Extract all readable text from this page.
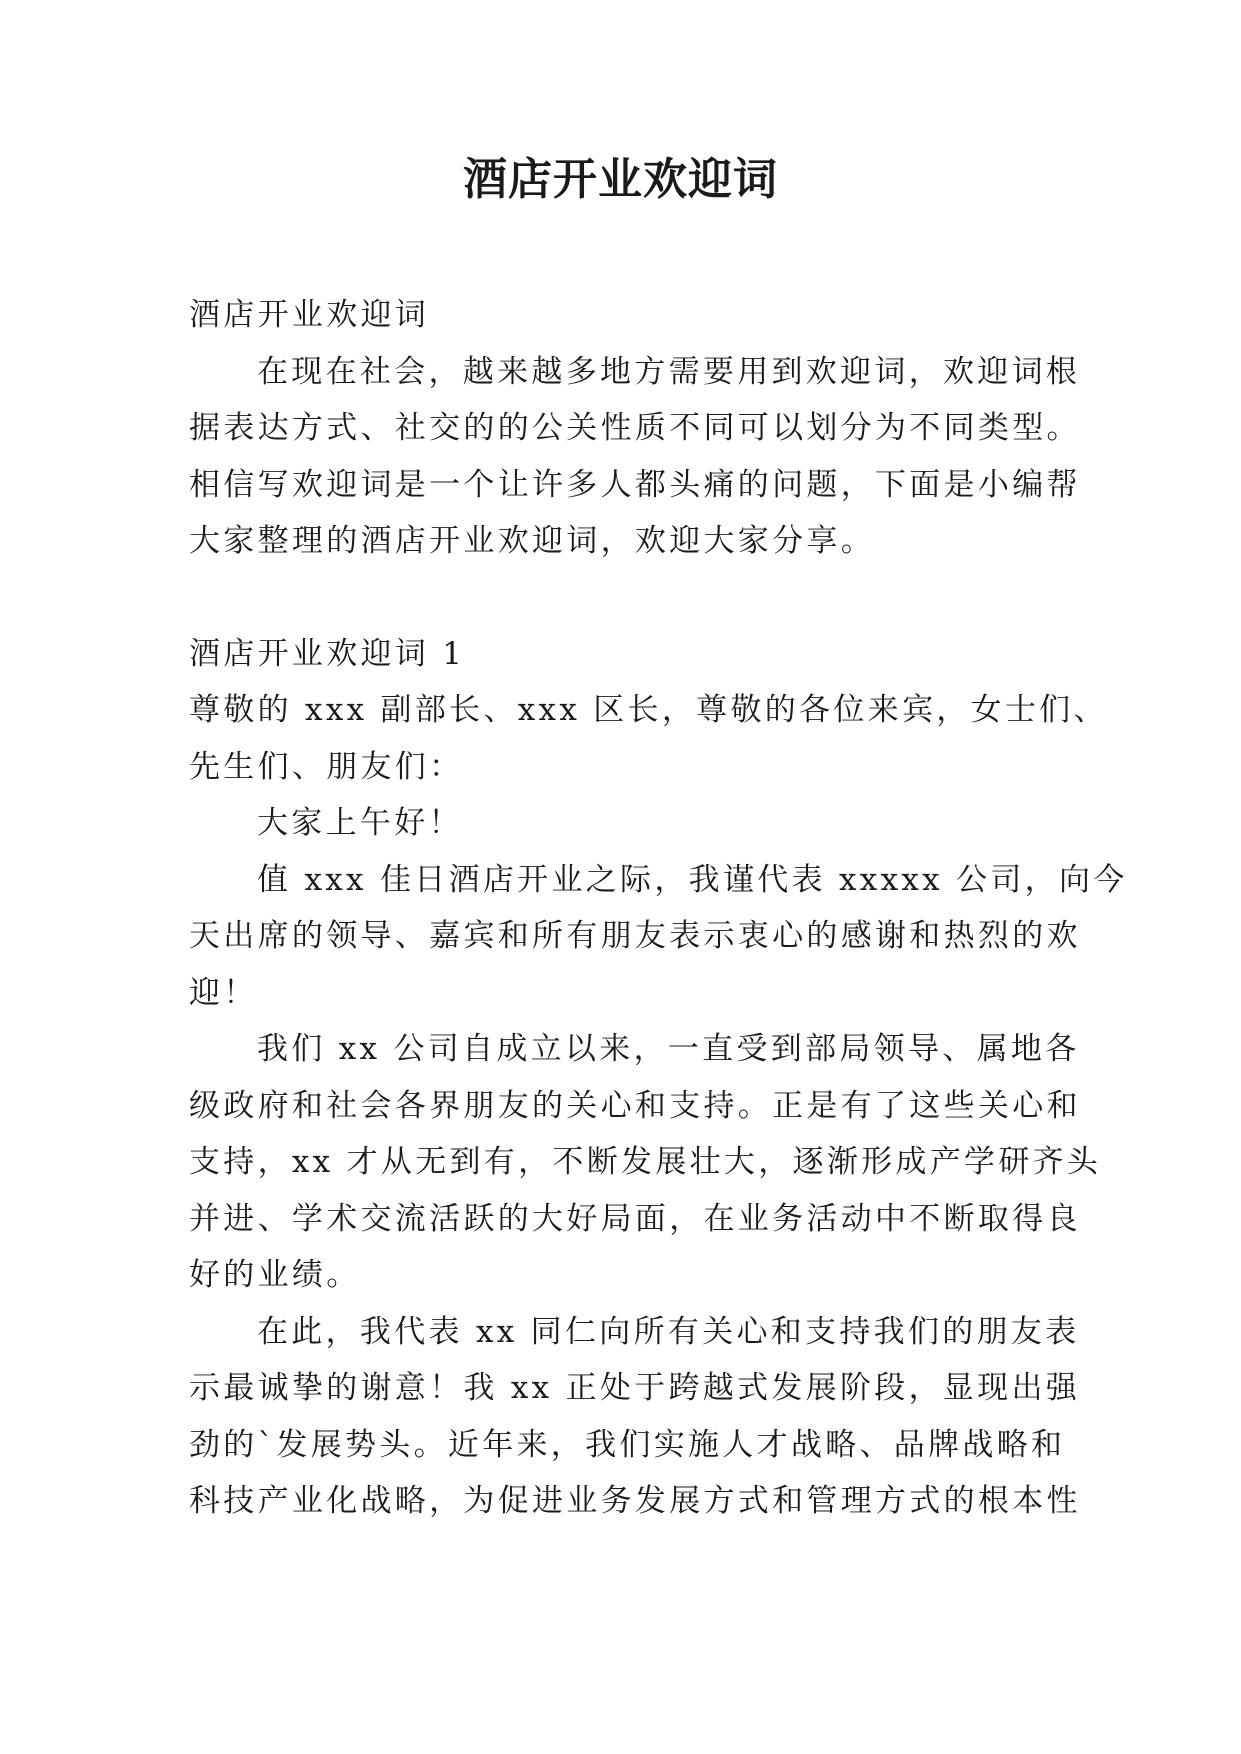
酒店开业欢迎词

酒店开业欢迎词

在现在社会，越来越多地方需要用到欢迎词，欢迎词根

据表达方式、社交的的公关性质不同可以划分为不同类型。

相信写欢迎词是一个让许多人都头痛的问题，下面是小编帮

大家整理的酒店开业欢迎词，欢迎大家分享。

酒店开业欢迎词 1

尊敬的 xxx 副部长、xxx 区长，尊敬的各位来宾，女士们、

先生们、朋友们：

大家上午好！

值 xxx 佳日酒店开业之际，我谨代表 xxxxx 公司，向今

天出席的领导、嘉宾和所有朋友表示衷心的感谢和热烈的欢

迎！

我们 xx 公司自成立以来，一直受到部局领导、属地各

级政府和社会各界朋友的关心和支持。正是有了这些关心和

支持，xx 才从无到有，不断发展壮大，逐渐形成产学研齐头

并进、学术交流活跃的大好局面，在业务活动中不断取得良

好的业绩。

在此，我代表 xx 同仁向所有关心和支持我们的朋友表

示最诚挚的谢意！我 xx 正处于跨越式发展阶段，显现出强

劲的`发展势头。近年来，我们实施人才战略、品牌战略和

科技产业化战略，为促进业务发展方式和管理方式的根本性
